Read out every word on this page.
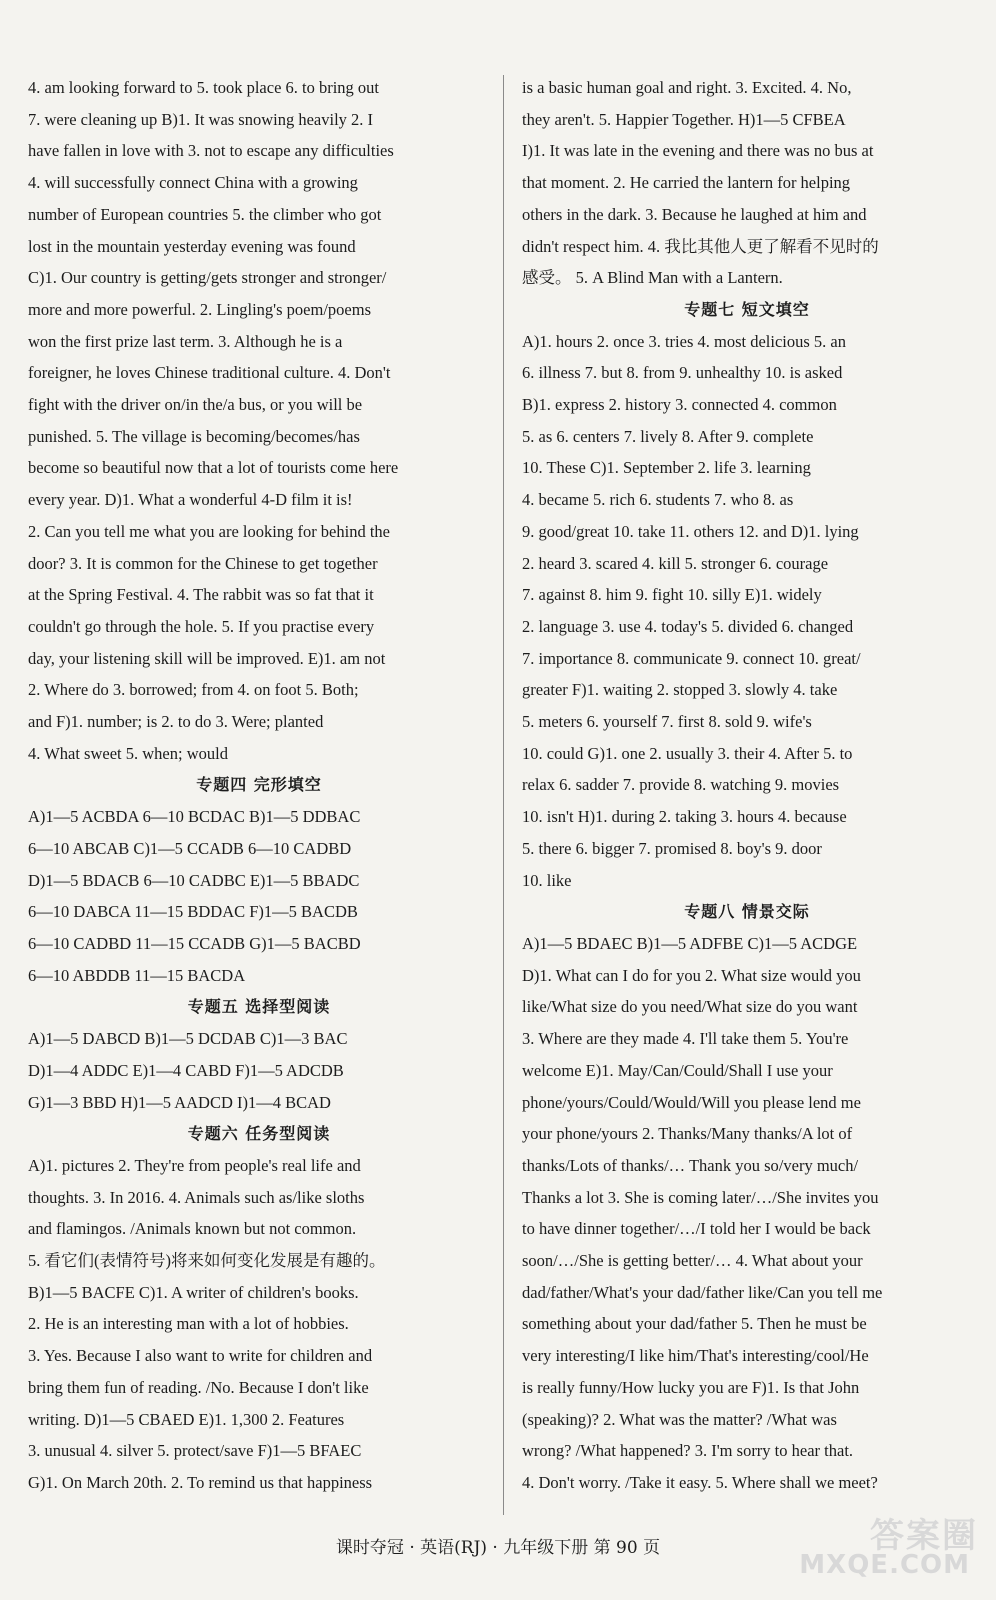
4. am looking forward to 5. took place 6. to bring out
7. were cleaning up B)1. It was snowing heavily 2. I
have fallen in love with 3. not to escape any difficulties
4. will successfully connect China with a growing
number of European countries 5. the climber who got
lost in the mountain yesterday evening was found
C)1. Our country is getting/gets stronger and stronger/
more and more powerful. 2. Lingling's poem/poems
won the first prize last term. 3. Although he is a
foreigner, he loves Chinese traditional culture. 4. Don't
fight with the driver on/in the/a bus, or you will be
punished. 5. The village is becoming/becomes/has
become so beautiful now that a lot of tourists come here
every year. D)1. What a wonderful 4-D film it is!
2. Can you tell me what you are looking for behind the
door? 3. It is common for the Chinese to get together
at the Spring Festival. 4. The rabbit was so fat that it
couldn't go through the hole. 5. If you practise every
day, your listening skill will be improved. E)1. am not
2. Where do 3. borrowed; from 4. on foot 5. Both;
and F)1. number; is 2. to do 3. Were; planted
4. What sweet 5. when; would
专题四 完形填空
A)1—5 ACBDA 6—10 BCDAC B)1—5 DDBAC
6—10 ABCAB C)1—5 CCADB 6—10 CADBD
D)1—5 BDACB 6—10 CADBC E)1—5 BBADC
6—10 DABCA 11—15 BDDAC F)1—5 BACDB
6—10 CADBD 11—15 CCADB G)1—5 BACBD
6—10 ABDDB 11—15 BACDA
专题五 选择型阅读
A)1—5 DABCD B)1—5 DCDAB C)1—3 BAC
D)1—4 ADDC E)1—4 CABD F)1—5 ADCDB
G)1—3 BBD H)1—5 AADCD I)1—4 BCAD
专题六 任务型阅读
A)1. pictures 2. They're from people's real life and
thoughts. 3. In 2016. 4. Animals such as/like sloths
and flamingos. /Animals known but not common.
5. 看它们(表情符号)将来如何变化发展是有趣的。
B)1—5 BACFE C)1. A writer of children's books.
2. He is an interesting man with a lot of hobbies.
3. Yes. Because I also want to write for children and
bring them fun of reading. /No. Because I don't like
writing. D)1—5 CBAED E)1. 1,300 2. Features
3. unusual 4. silver 5. protect/save F)1—5 BFAEC
G)1. On March 20th. 2. To remind us that happiness
is a basic human goal and right. 3. Excited. 4. No,
they aren't. 5. Happier Together. H)1—5 CFBEA
I)1. It was late in the evening and there was no bus at
that moment. 2. He carried the lantern for helping
others in the dark. 3. Because he laughed at him and
didn't respect him. 4. 我比其他人更了解看不见时的
感受。 5. A Blind Man with a Lantern.
专题七 短文填空
A)1. hours 2. once 3. tries 4. most delicious 5. an
6. illness 7. but 8. from 9. unhealthy 10. is asked
B)1. express 2. history 3. connected 4. common
5. as 6. centers 7. lively 8. After 9. complete
10. These C)1. September 2. life 3. learning
4. became 5. rich 6. students 7. who 8. as
9. good/great 10. take 11. others 12. and D)1. lying
2. heard 3. scared 4. kill 5. stronger 6. courage
7. against 8. him 9. fight 10. silly E)1. widely
2. language 3. use 4. today's 5. divided 6. changed
7. importance 8. communicate 9. connect 10. great/
greater F)1. waiting 2. stopped 3. slowly 4. take
5. meters 6. yourself 7. first 8. sold 9. wife's
10. could G)1. one 2. usually 3. their 4. After 5. to
relax 6. sadder 7. provide 8. watching 9. movies
10. isn't H)1. during 2. taking 3. hours 4. because
5. there 6. bigger 7. promised 8. boy's 9. door
10. like
专题八 情景交际
A)1—5 BDAEC B)1—5 ADFBE C)1—5 ACDGE
D)1. What can I do for you 2. What size would you
like/What size do you need/What size do you want
3. Where are they made 4. I'll take them 5. You're
welcome E)1. May/Can/Could/Shall I use your
phone/yours/Could/Would/Will you please lend me
your phone/yours 2. Thanks/Many thanks/A lot of
thanks/Lots of thanks/… Thank you so/very much/
Thanks a lot 3. She is coming later/…/She invites you
to have dinner together/…/I told her I would be back
soon/…/She is getting better/… 4. What about your
dad/father/What's your dad/father like/Can you tell me
something about your dad/father 5. Then he must be
very interesting/I like him/That's interesting/cool/He
is really funny/How lucky you are F)1. Is that John
(speaking)? 2. What was the matter? /What was
wrong? /What happened? 3. I'm sorry to hear that.
4. Don't worry. /Take it easy. 5. Where shall we meet?
课时夺冠 · 英语(RJ) · 九年级下册 第 90 页	答案圈
MXQE.COM
